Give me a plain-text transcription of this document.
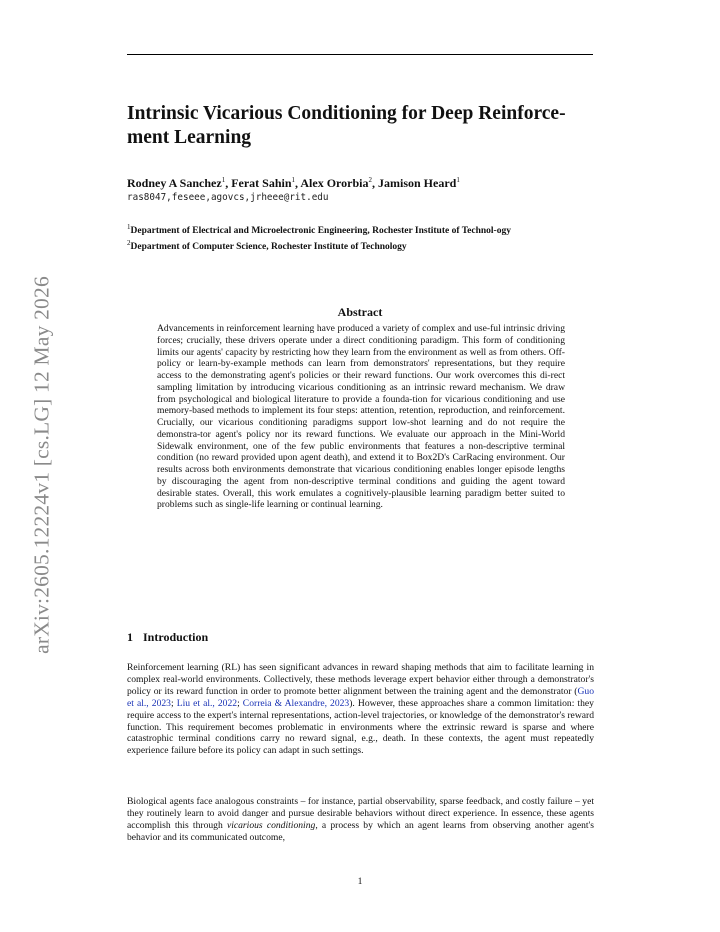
arXiv:2605.12224v1 [cs.LG] 12 May 2026
Intrinsic Vicarious Conditioning for Deep Reinforce-ment Learning
Rodney A Sanchez$^1$, Ferat Sahin$^1$, Alex Ororbia$^2$, Jamison Heard$^1$
ras8047,feseee,agovcs,jrheee@rit.edu
$^1$Department of Electrical and Microelectronic Engineering, Rochester Institute of Technol-ogy
$^2$Department of Computer Science, Rochester Institute of Technology
Abstract
Advancements in reinforcement learning have produced a variety of complex and use-ful intrinsic driving forces; crucially, these drivers operate under a direct conditioning paradigm. This form of conditioning limits our agents' capacity by restricting how they learn from the environment as well as from others. Off-policy or learn-by-example methods can learn from demonstrators' representations, but they require access to the demonstrating agent's policies or their reward functions. Our work overcomes this di-rect sampling limitation by introducing vicarious conditioning as an intrinsic reward mechanism. We draw from psychological and biological literature to provide a founda-tion for vicarious conditioning and use memory-based methods to implement its four steps: attention, retention, reproduction, and reinforcement. Crucially, our vicarious conditioning paradigms support low-shot learning and do not require the demonstra-tor agent's policy nor its reward functions. We evaluate our approach in the Mini-World Sidewalk environment, one of the few public environments that features a non-descriptive terminal condition (no reward provided upon agent death), and extend it to Box2D's CarRacing environment. Our results across both environments demonstrate that vicarious conditioning enables longer episode lengths by discouraging the agent from non-descriptive terminal conditions and guiding the agent toward desirable states. Overall, this work emulates a cognitively-plausible learning paradigm better suited to problems such as single-life learning or continual learning.
1 Introduction

Reinforcement learning (RL) has seen significant advances in reward shaping methods that aim to facilitate learning in complex real-world environments. Collectively, these methods leverage expert behavior either through a demonstrator's policy or its reward function in order to promote better alignment between the training agent and the demonstrator (Guo et al., 2023; Liu et al., 2022; Correia & Alexandre, 2023). However, these approaches share a common limitation: they require access to the expert's internal representations, action-level trajectories, or knowledge of the demonstrator's reward function. This requirement becomes problematic in environments where the extrinsic reward is sparse and where catastrophic terminal conditions carry no reward signal, e.g., death. In these contexts, the agent must repeatedly experience failure before its policy can adapt in such settings.

Biological agents face analogous constraints – for instance, partial observability, sparse feedback, and costly failure – yet they routinely learn to avoid danger and pursue desirable behaviors without direct experience. In essence, these agents accomplish this through vicarious conditioning, a process by which an agent learns from observing another agent's behavior and its communicated outcome,

1
